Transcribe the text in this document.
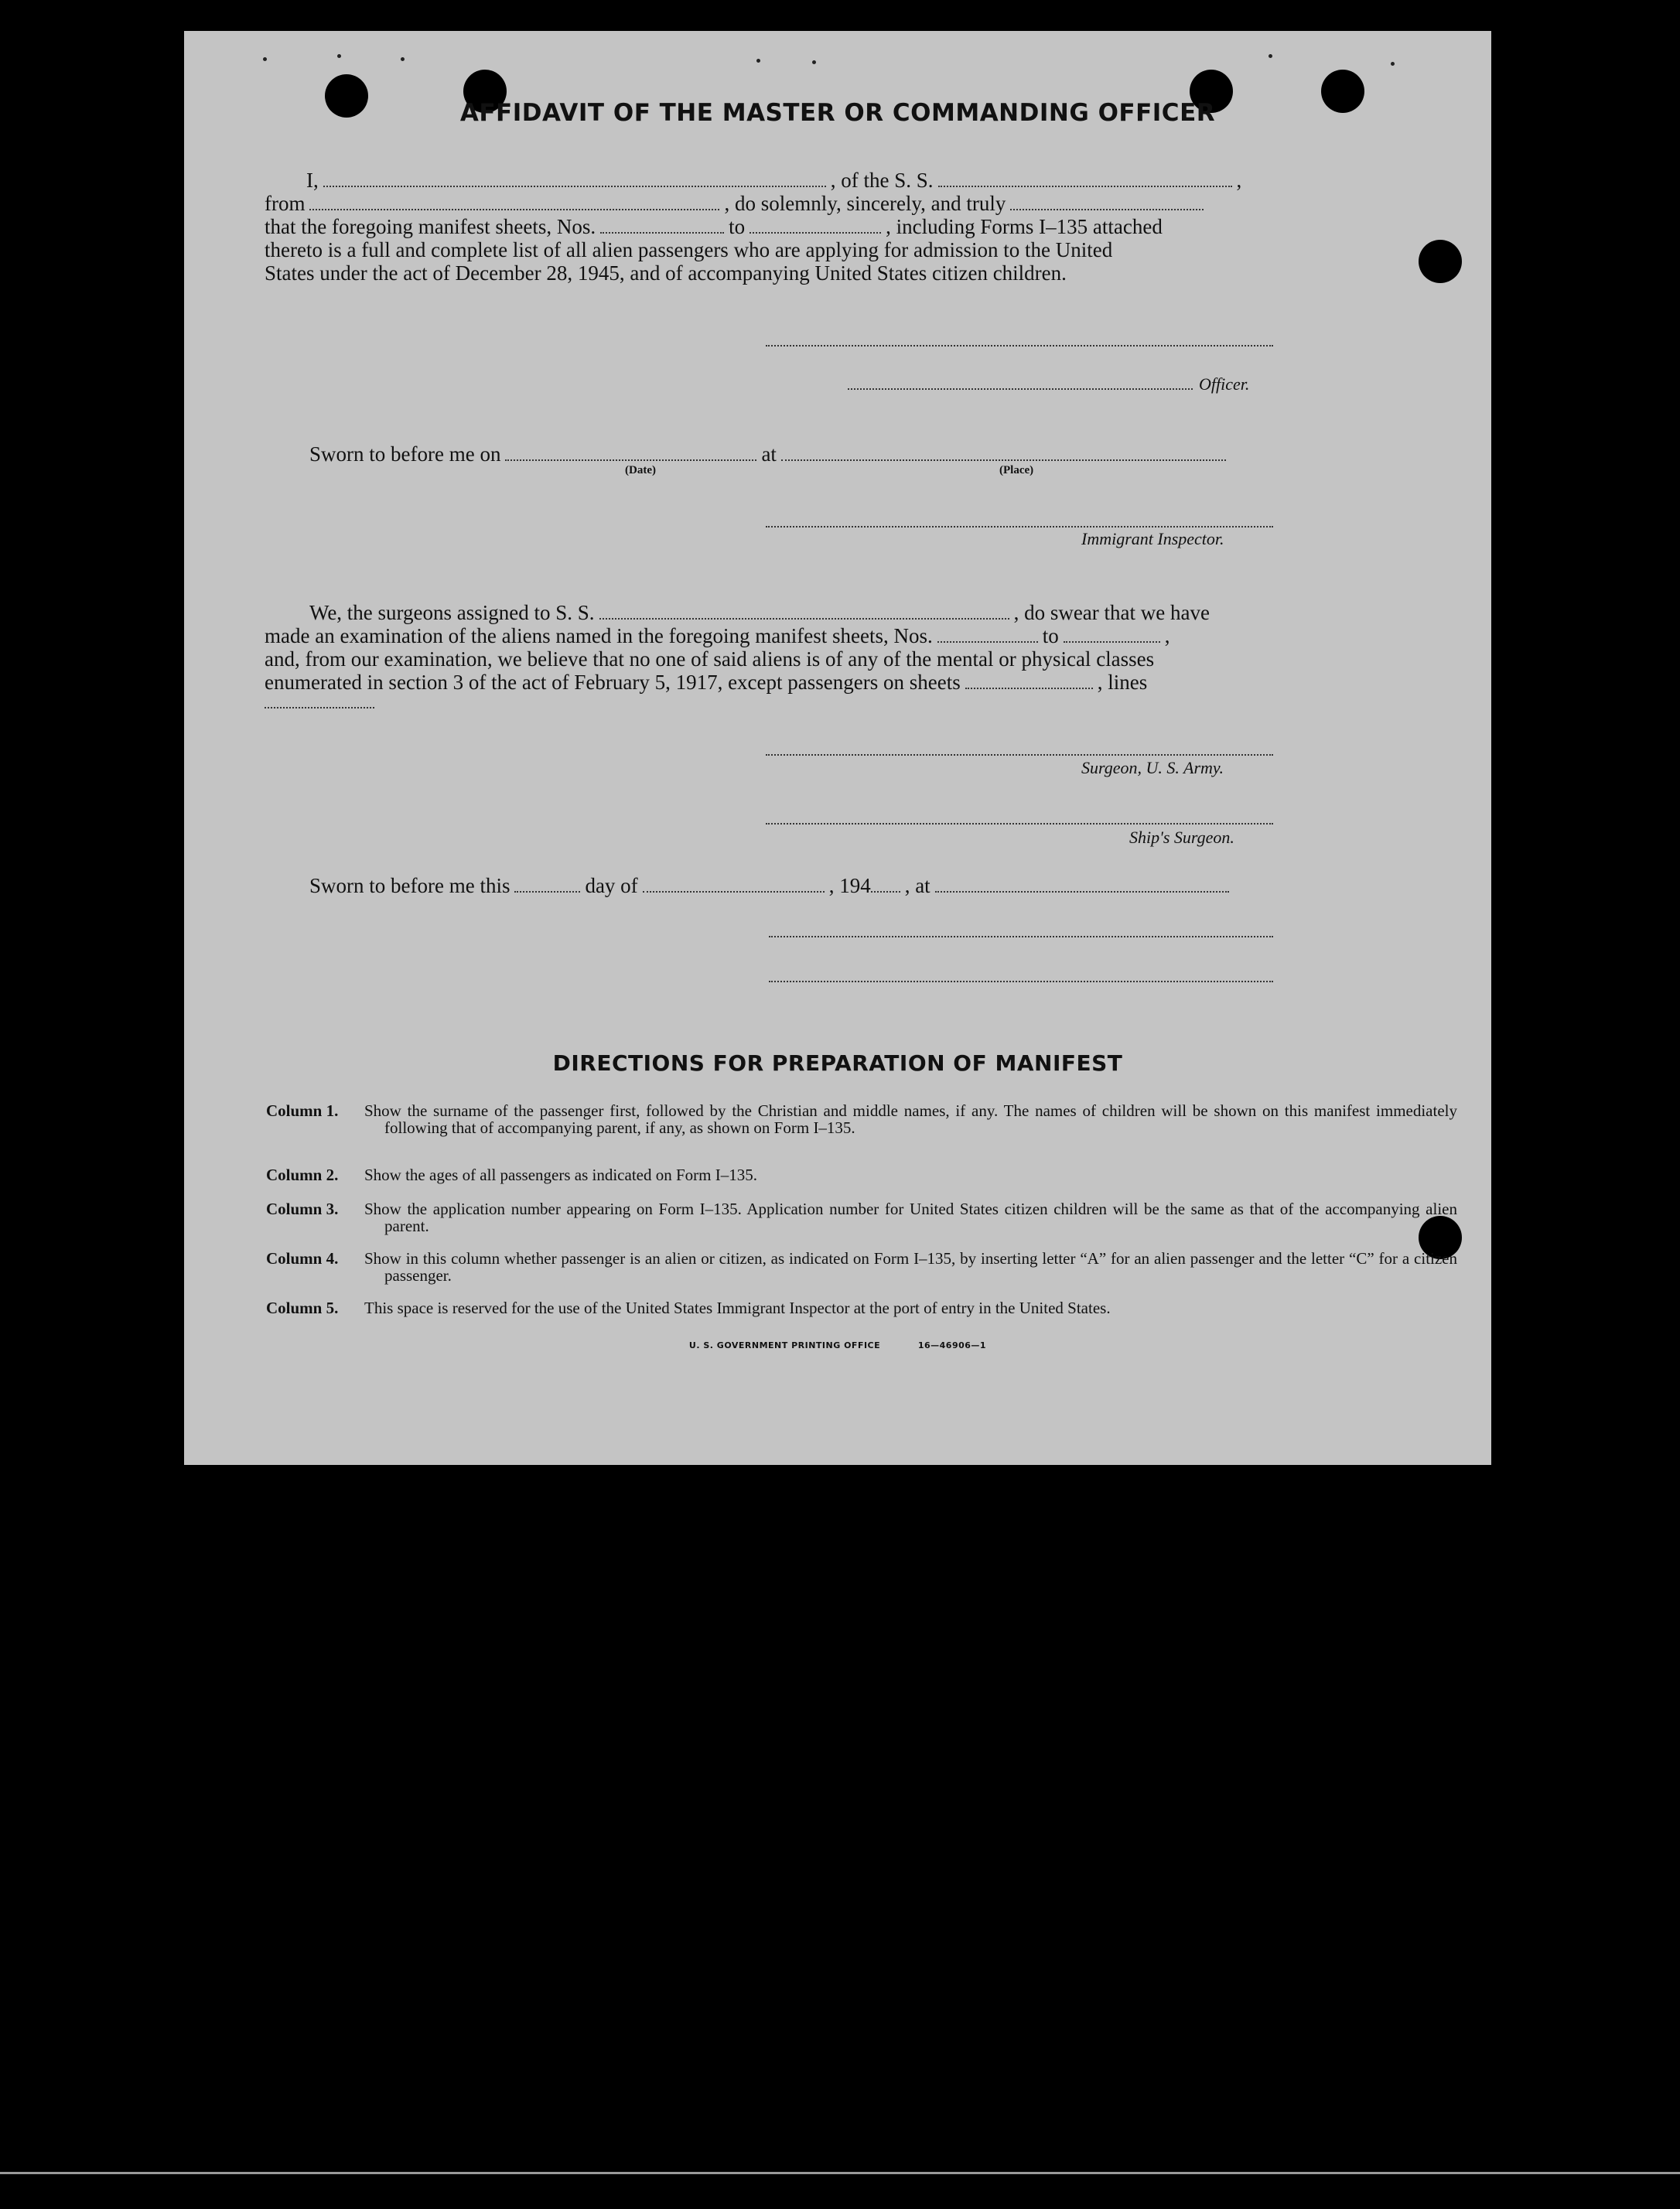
AFFIDAVIT OF THE MASTER OR COMMANDING OFFICER
I,	, of the S. S.	,
from	, do solemnly, sincerely, and truly
that the foregoing manifest sheets, Nos.	to	, including Forms I–135 attached
thereto is a full and complete list of all alien passengers who are applying for admission to the United
States under the act of December 28, 1945, and of accompanying United States citizen children.
Officer.
Sworn to before me on	at
(Date)	(Place)
Immigrant Inspector.
We, the surgeons assigned to S. S.	, do swear that we have
made an examination of the aliens named in the foregoing manifest sheets, Nos.	to	,
and, from our examination, we believe that no one of said aliens is of any of the mental or physical classes
enumerated in section 3 of the act of February 5, 1917, except passengers on sheets	, lines
Surgeon, U. S. Army.
Ship's Surgeon.
Sworn to before me this	day of	, 194 , at
DIRECTIONS FOR PREPARATION OF MANIFEST
Column 1. Show the surname of the passenger first, followed by the Christian and middle names, if any. The names of children will be shown on this manifest immediately following that of accompanying parent, if any, as shown on Form I–135.
Column 2. Show the ages of all passengers as indicated on Form I–135.
Column 3. Show the application number appearing on Form I–135. Application number for United States citizen children will be the same as that of the accompanying alien parent.
Column 4. Show in this column whether passenger is an alien or citizen, as indicated on Form I–135, by inserting letter “A” for an alien passenger and the letter “C” for a citizen passenger.
Column 5. This space is reserved for the use of the United States Immigrant Inspector at the port of entry in the United States.
U. S. GOVERNMENT PRINTING OFFICE	16—46906—1
